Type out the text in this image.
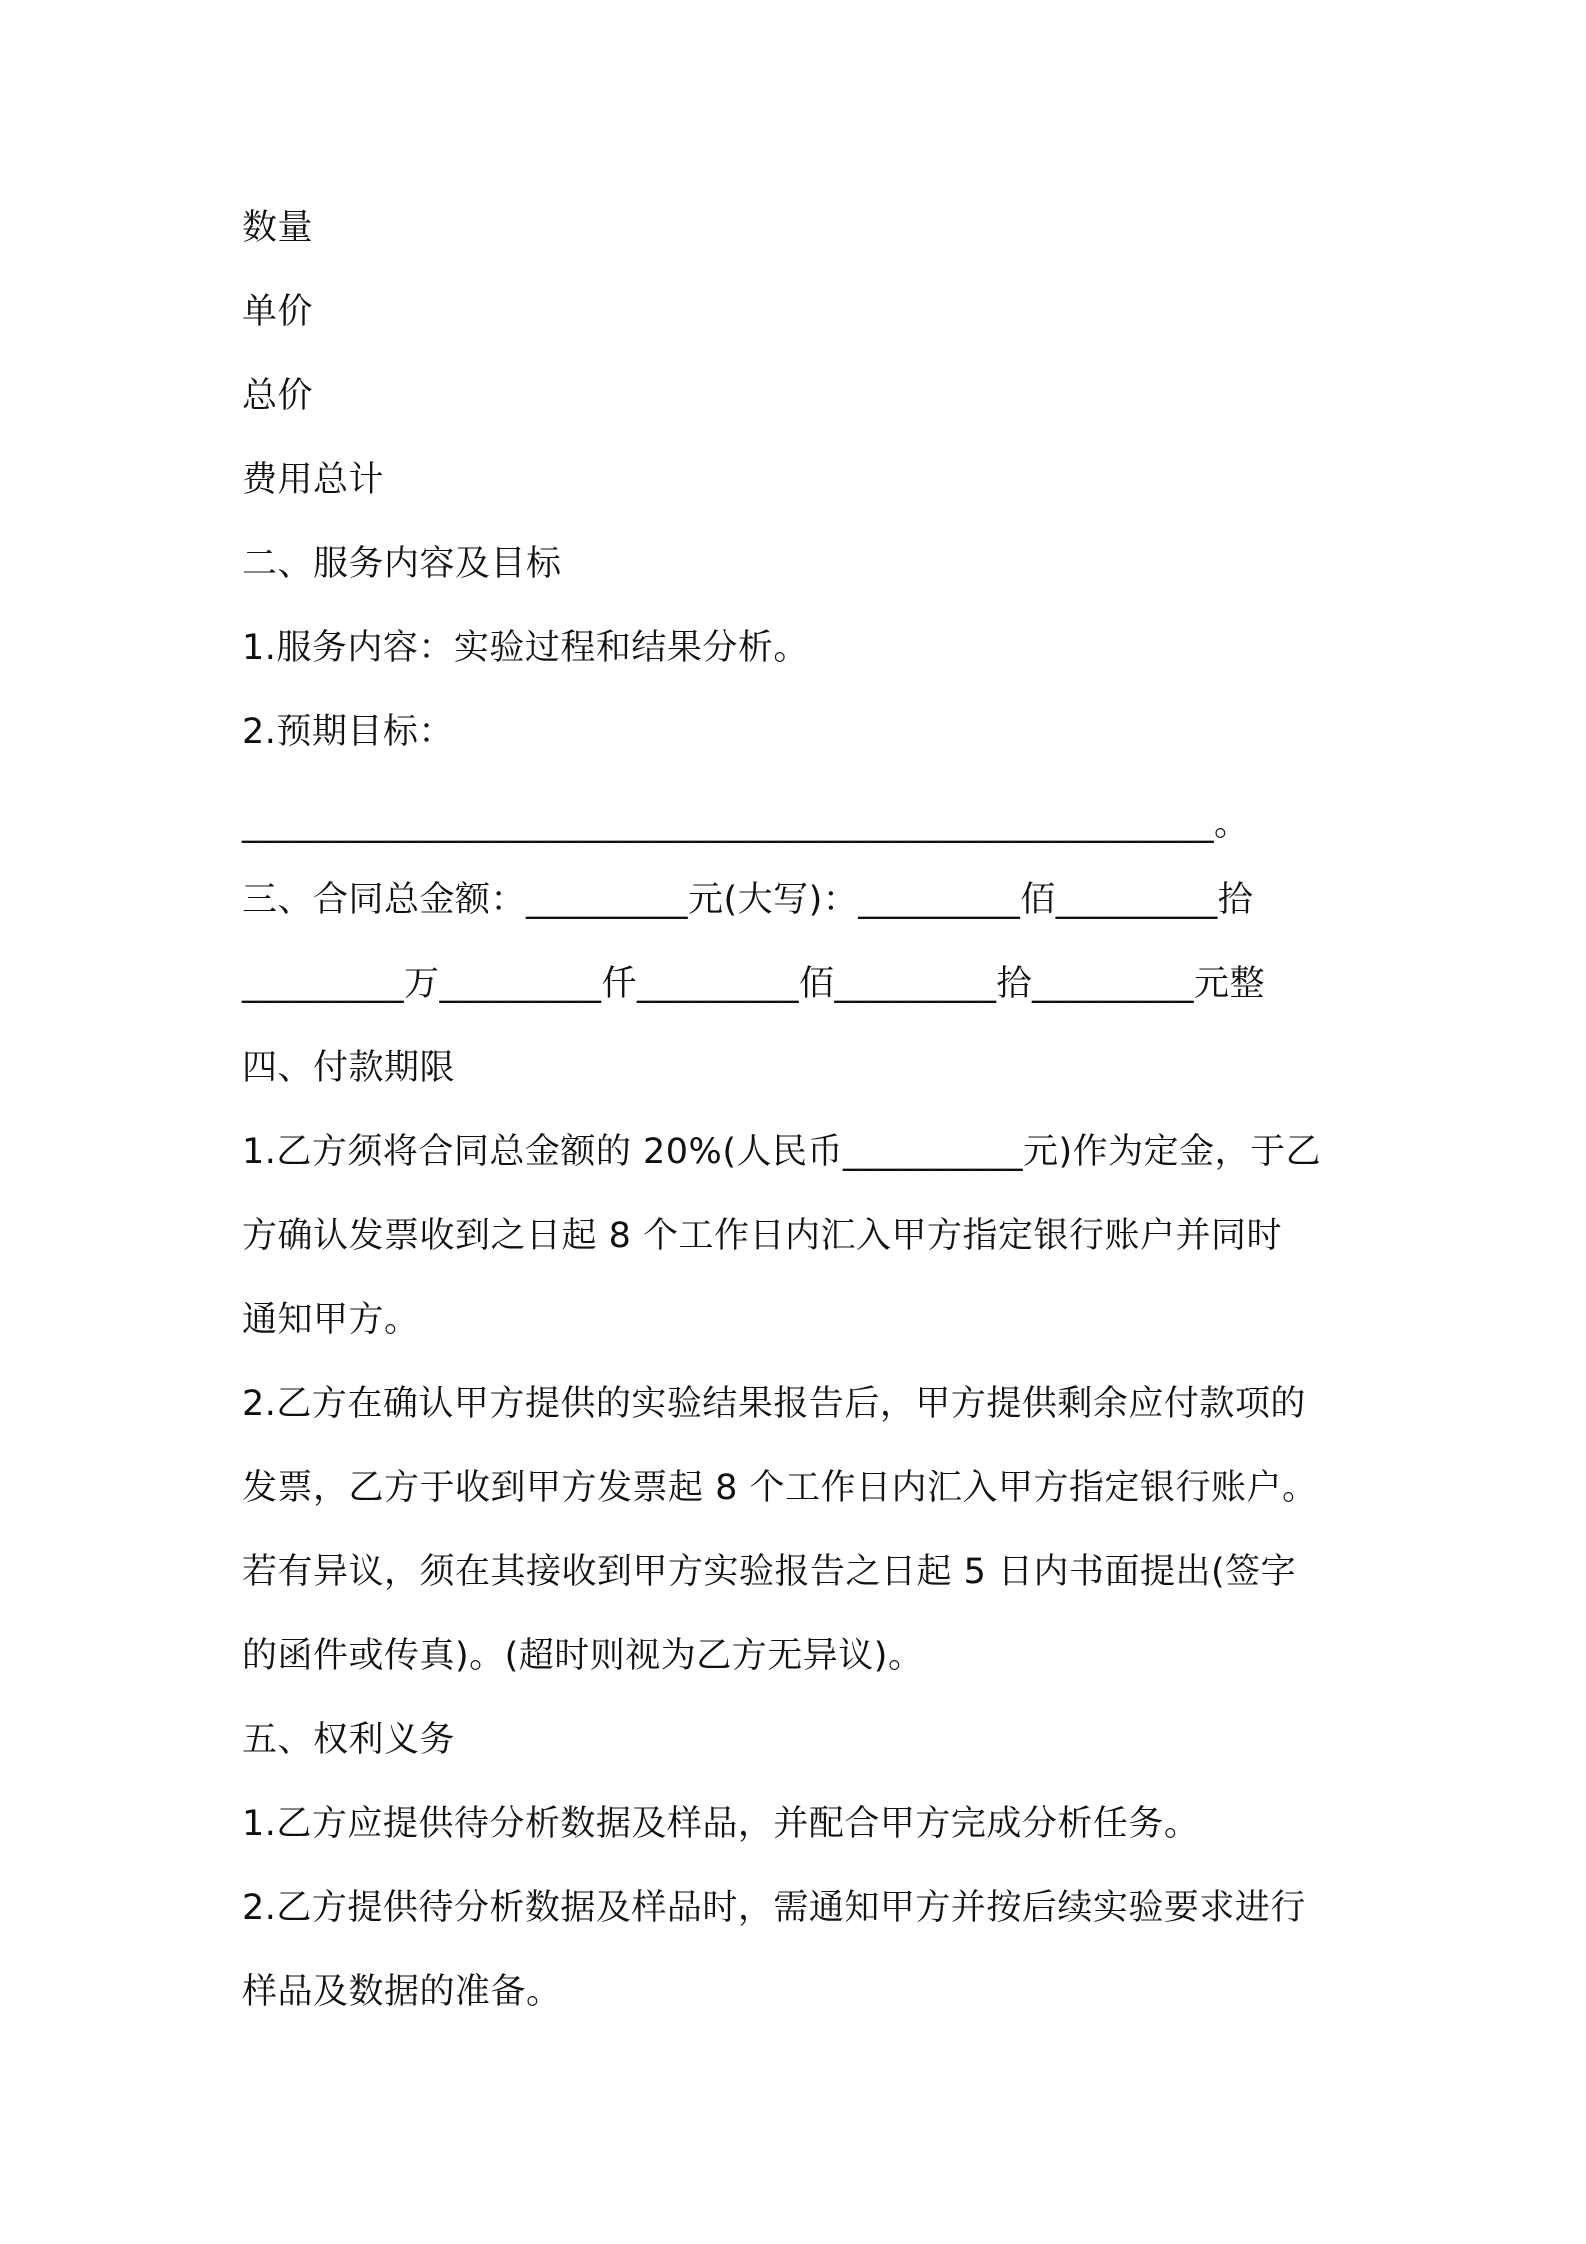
数量
单价
总价
费用总计
二、服务内容及目标
1.服务内容：实验过程和结果分析。
2.预期目标：
______________________________________________________。
三、合同总金额：_________元(大写)：_________佰_________拾
_________万_________仟_________佰_________拾_________元整
四、付款期限
1.乙方须将合同总金额的 20%(人民币__________元)作为定金，于乙
方确认发票收到之日起 8 个工作日内汇入甲方指定银行账户并同时
通知甲方。
2.乙方在确认甲方提供的实验结果报告后，甲方提供剩余应付款项的
发票，乙方于收到甲方发票起 8 个工作日内汇入甲方指定银行账户。
若有异议，须在其接收到甲方实验报告之日起 5 日内书面提出(签字
的函件或传真)。(超时则视为乙方无异议)。
五、权利义务
1.乙方应提供待分析数据及样品，并配合甲方完成分析任务。
2.乙方提供待分析数据及样品时，需通知甲方并按后续实验要求进行
样品及数据的准备。
